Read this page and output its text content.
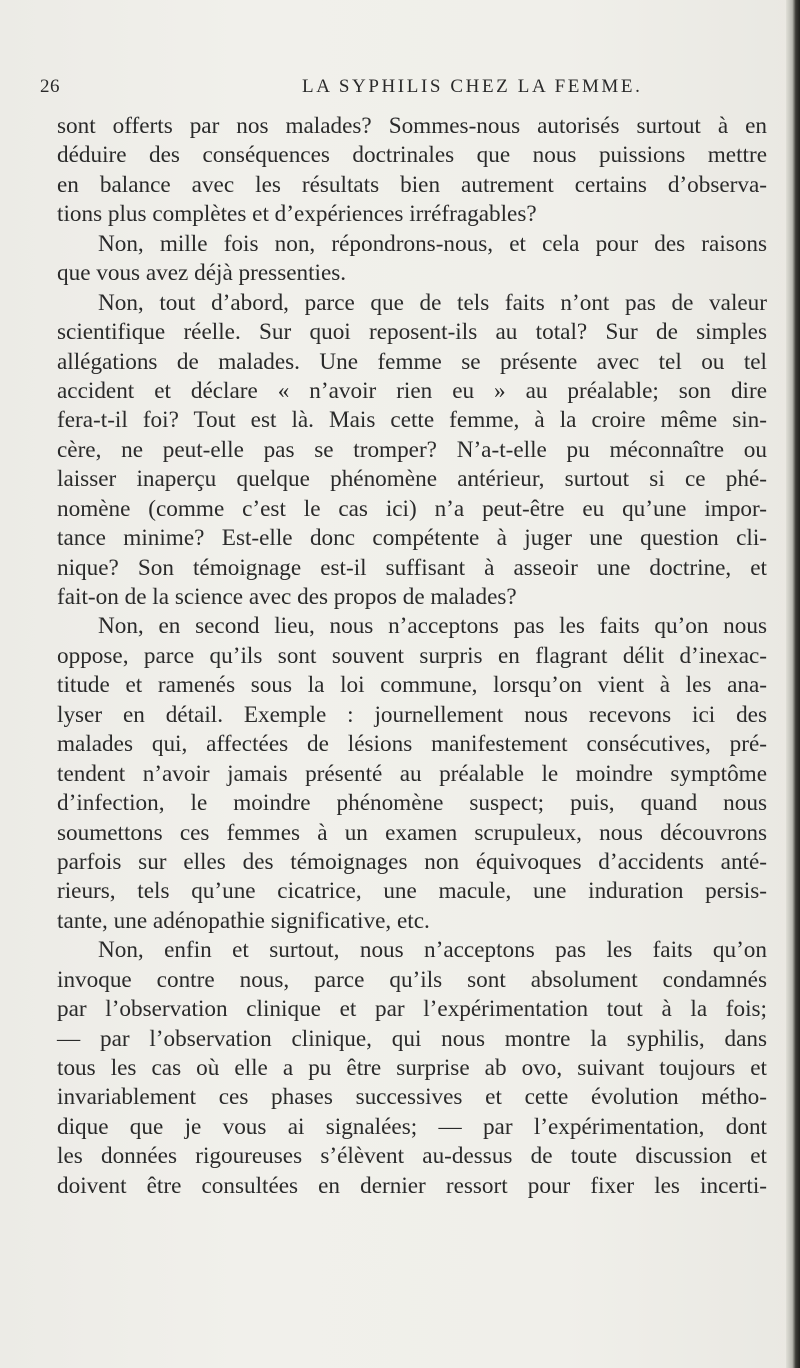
26	LA SYPHILIS CHEZ LA FEMME.
sont offerts par nos malades? Sommes-nous autorisés surtout à en
déduire des conséquences doctrinales que nous puissions mettre
en balance avec les résultats bien autrement certains d’observa-
tions plus complètes et d’expériences irréfragables?
Non, mille fois non, répondrons-nous, et cela pour des raisons
que vous avez déjà pressenties.
Non, tout d’abord, parce que de tels faits n’ont pas de valeur
scientifique réelle. Sur quoi reposent-ils au total? Sur de simples
allégations de malades. Une femme se présente avec tel ou tel
accident et déclare « n’avoir rien eu » au préalable; son dire
fera-t-il foi? Tout est là. Mais cette femme, à la croire même sin-
cère, ne peut-elle pas se tromper? N’a-t-elle pu méconnaître ou
laisser inaperçu quelque phénomène antérieur, surtout si ce phé-
nomène (comme c’est le cas ici) n’a peut-être eu qu’une impor-
tance minime? Est-elle donc compétente à juger une question cli-
nique? Son témoignage est-il suffisant à asseoir une doctrine, et
fait-on de la science avec des propos de malades?
Non, en second lieu, nous n’acceptons pas les faits qu’on nous
oppose, parce qu’ils sont souvent surpris en flagrant délit d’inexac-
titude et ramenés sous la loi commune, lorsqu’on vient à les ana-
lyser en détail. Exemple : journellement nous recevons ici des
malades qui, affectées de lésions manifestement consécutives, pré-
tendent n’avoir jamais présenté au préalable le moindre symptôme
d’infection, le moindre phénomène suspect; puis, quand nous
soumettons ces femmes à un examen scrupuleux, nous découvrons
parfois sur elles des témoignages non équivoques d’accidents anté-
rieurs, tels qu’une cicatrice, une macule, une induration persis-
tante, une adénopathie significative, etc.
Non, enfin et surtout, nous n’acceptons pas les faits qu’on
invoque contre nous, parce qu’ils sont absolument condamnés
par l’observation clinique et par l’expérimentation tout à la fois;
— par l’observation clinique, qui nous montre la syphilis, dans
tous les cas où elle a pu être surprise ab ovo, suivant toujours et
invariablement ces phases successives et cette évolution métho-
dique que je vous ai signalées; — par l’expérimentation, dont
les données rigoureuses s’élèvent au-dessus de toute discussion et
doivent être consultées en dernier ressort pour fixer les incerti-
